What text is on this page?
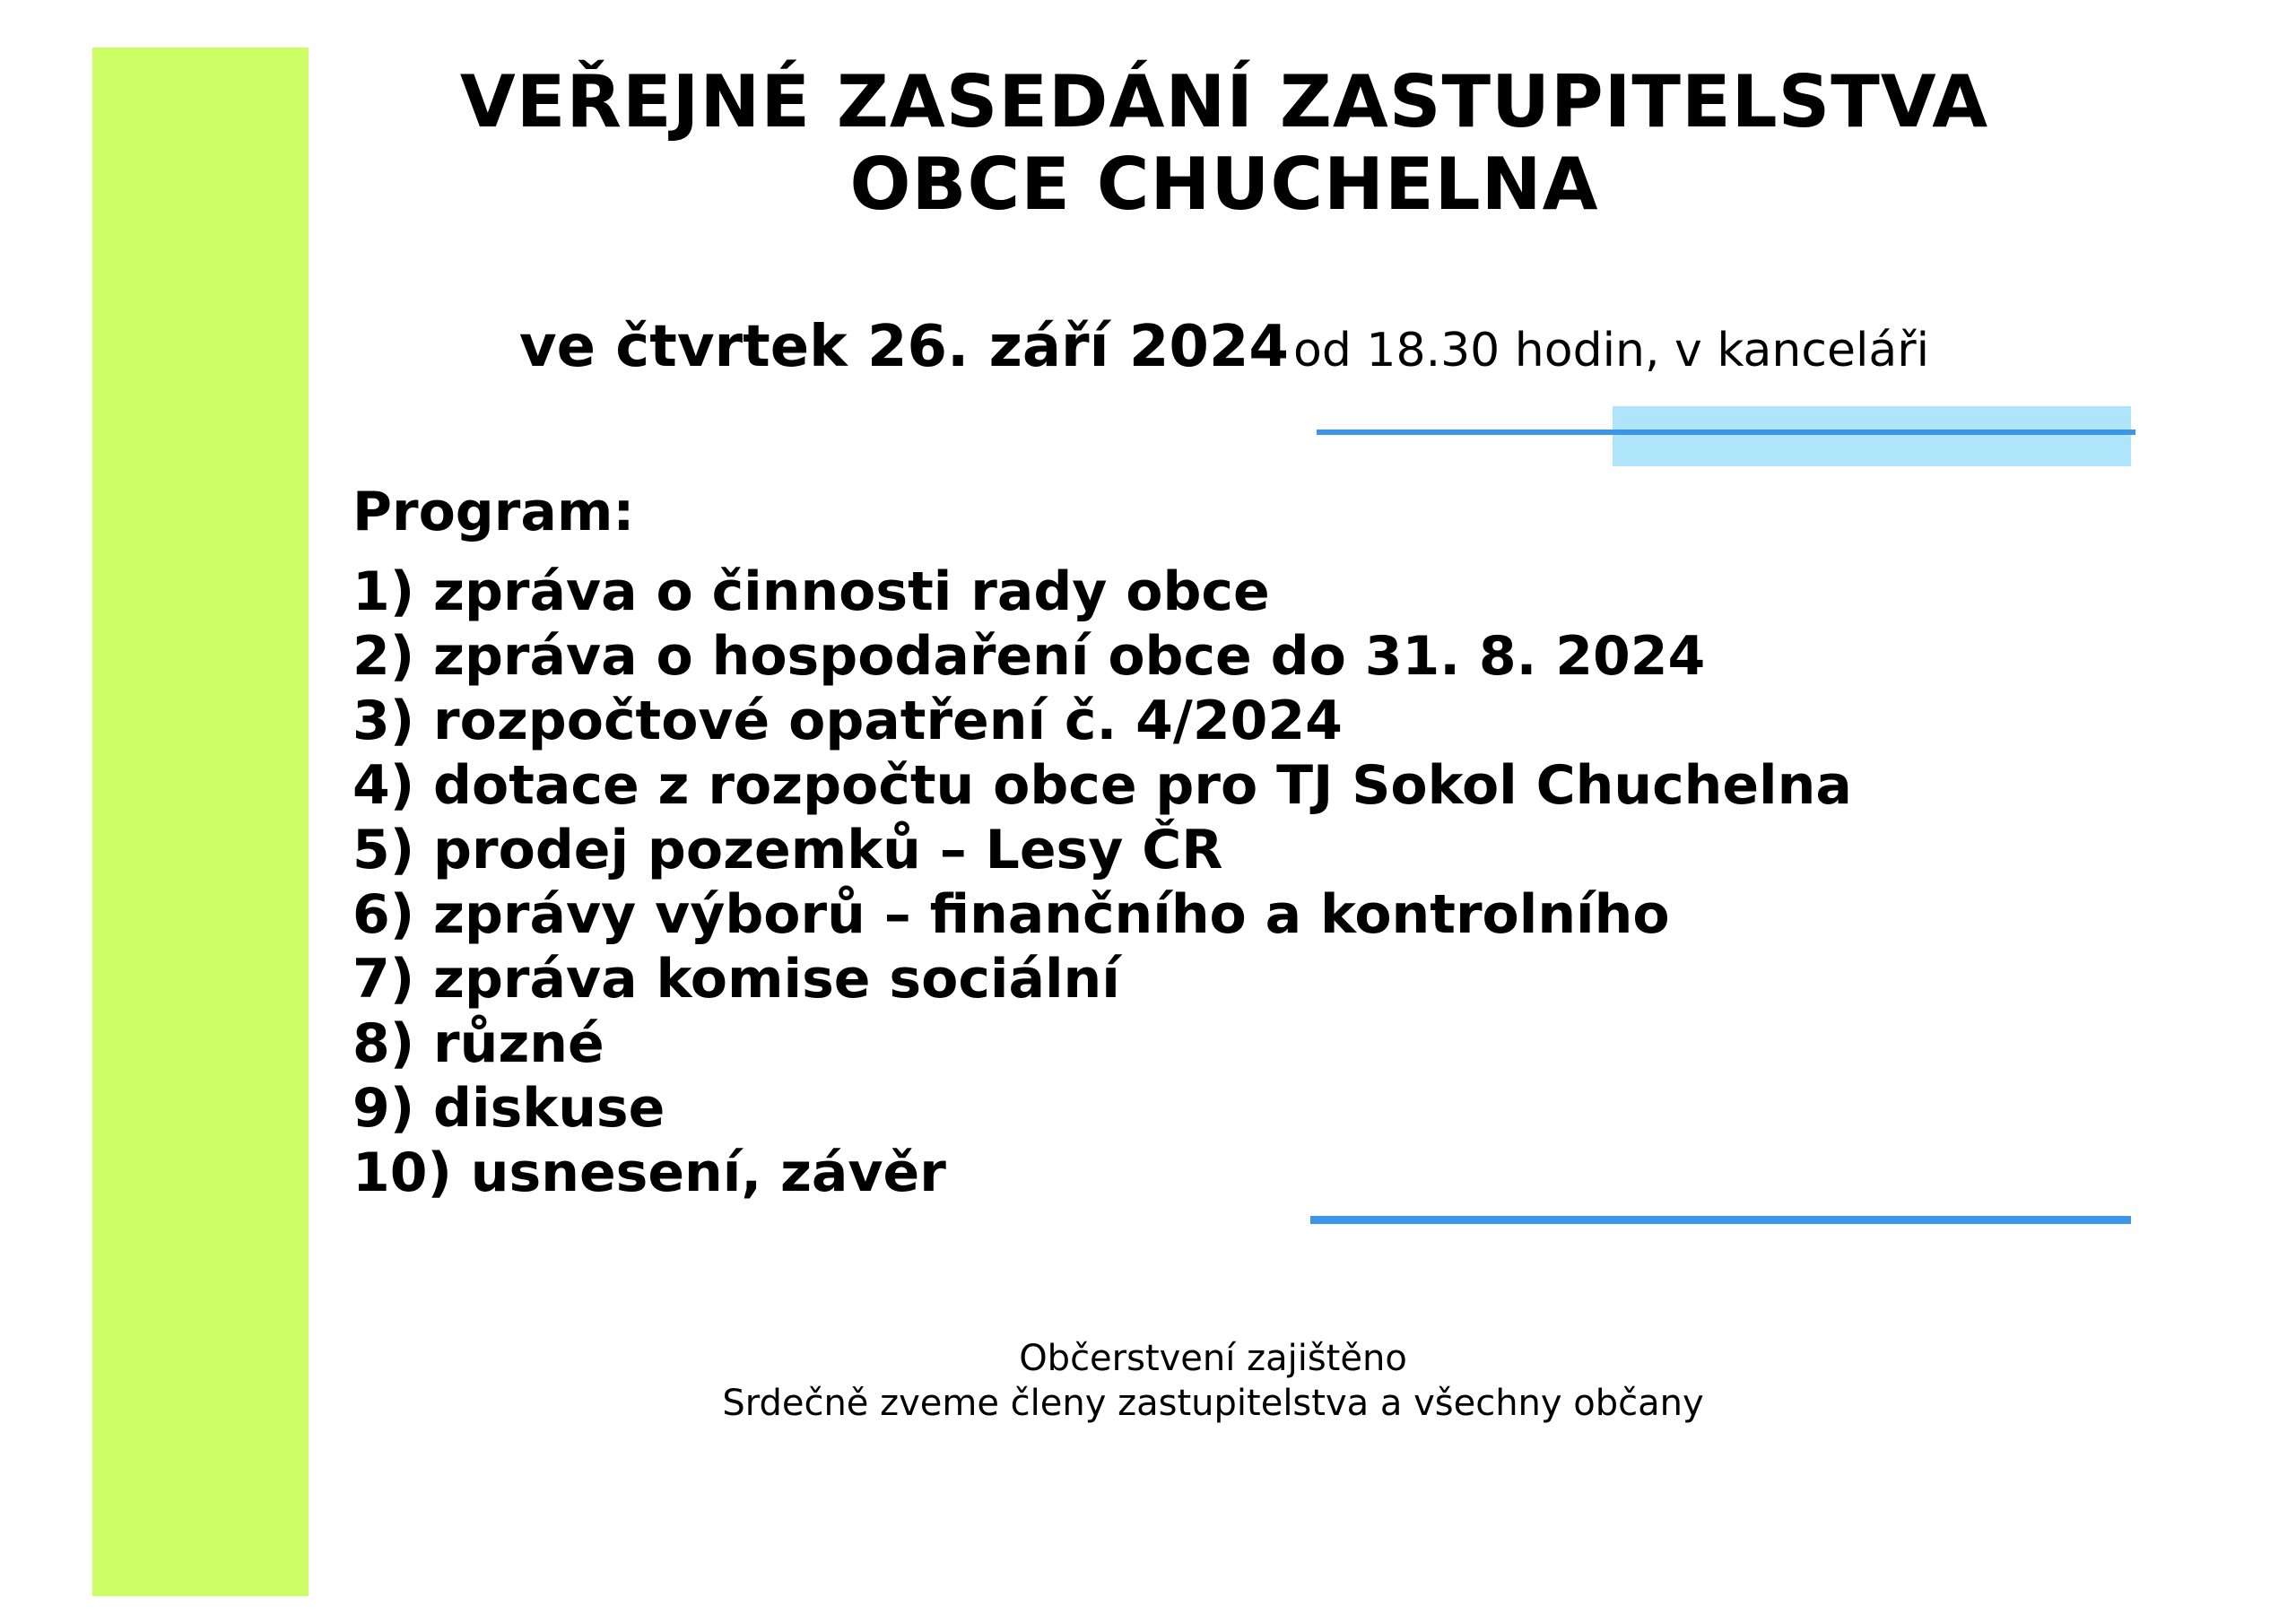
VEŘEJNÉ ZASEDÁNÍ ZASTUPITELSTVA
OBCE CHUCHELNA
ve čtvrtek 26. září 2024 od 18.30 hodin, v kanceláři
Program:
1) zpráva o činnosti rady obce
2) zpráva o hospodaření obce do 31. 8. 2024
3) rozpočtové opatření č. 4/2024
4) dotace z rozpočtu obce pro TJ Sokol Chuchelna
5) prodej pozemků – Lesy ČR
6) zprávy výborů – finančního a kontrolního
7) zpráva komise sociální
8) různé
9) diskuse
10) usnesení, závěr
Občerstvení zajištěno
Srdečně zveme členy zastupitelstva a všechny občany
